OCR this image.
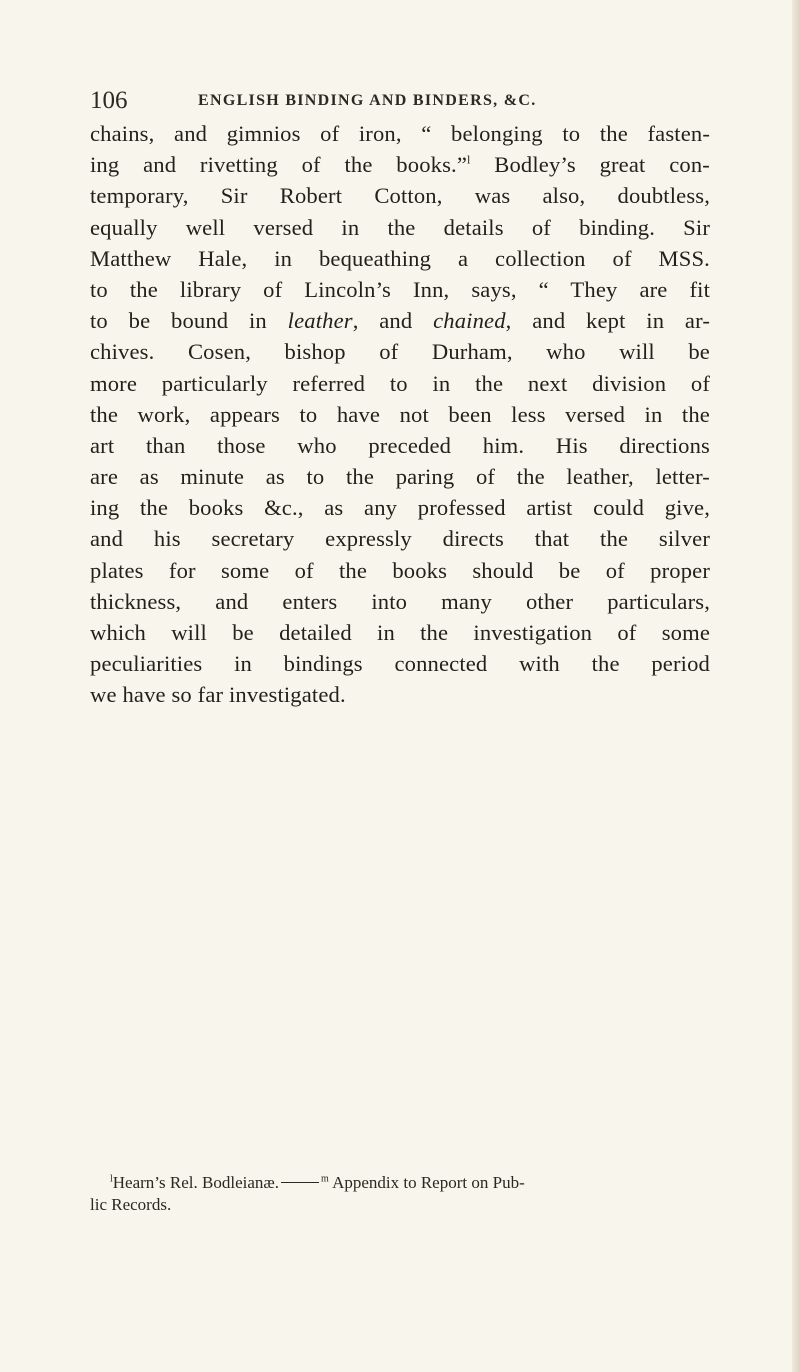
106	ENGLISH BINDING AND BINDERS, &C.
chains, and gimnios of iron, “ belonging to the fasten-
ing and rivetting of the books.”$^l$ Bodley’s great con-
temporary, Sir Robert Cotton, was also, doubtless,
equally well versed in the details of binding. Sir
Matthew Hale, in bequeathing a collection of MSS.
to the library of Lincoln’s Inn, says, “ They are fit
to be bound in leather, and chained, and kept in ar-
chives. Cosen, bishop of Durham, who will be
more particularly referred to in the next division of
the work, appears to have not been less versed in the
art than those who preceded him. His directions
are as minute as to the paring of the leather, letter-
ing the books &c., as any professed artist could give,
and his secretary expressly directs that the silver
plates for some of the books should be of proper
thickness, and enters into many other particulars,
which will be detailed in the investigation of some
peculiarities in bindings connected with the period
we have so far investigated.
$^l$Hearn’s Rel. Bodleianæ.	$^m$ Appendix to Report on Pub-
lic Records.
